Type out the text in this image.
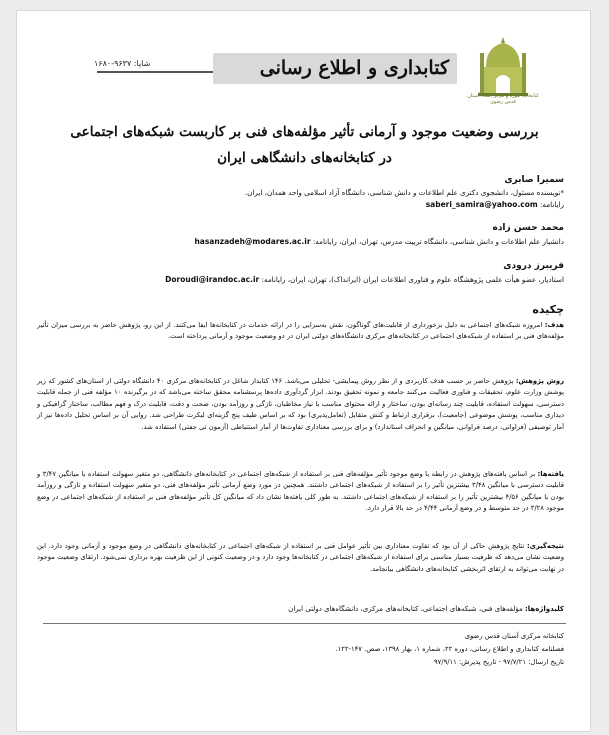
کتابخانه، موزه و مرکز اسناد آستان قدس رضوی
کتابداری و اطلاع رسانی
شاپا: ۹۶۳۷-۱۶۸۰
بررسی وضعیت موجود و آرمانی تأثیر مؤلفه‌های فنی بر کاربست شبکه‌های اجتماعی
در کتابخانه‌های دانشگاهی ایران
سمیرا صابری
*نویسنده مسئول، دانشجوی دکتری علم اطلاعات و دانش شناسی، دانشگاه آزاد اسلامی واحد همدان، ایران.
رایانامه: saberi_samira@yahoo.com
محمد حسن زاده
دانشیار علم اطلاعات و دانش شناسی، دانشگاه تربیت مدرس، تهران، ایران، رایانامه: hasanzadeh@modares.ac.ir
فریبرز درودی
استادیار، عضو هیأت علمی پژوهشگاه علوم و فناوری اطلاعات ایران (ایرانداک)، تهران، ایران، رایانامه: Doroudi@irandoc.ac.ir
چکیده
هدف: امروزه شبکه‌های اجتماعی به دلیل برخورداری از قابلیت‌های گوناگون، نقش به‌سزایی را در ارائه خدمات در کتابخانه‌ها ایفا می‌کنند. از این رو، پژوهش حاضر به بررسی میزان تأثیر مؤلفه‌های فنی بر استفاده از شبکه‌های اجتماعی در کتابخانه‌های مرکزی دانشگاه‌های دولتی ایران در دو وضعیت موجود و آرمانی پرداخته است.
روش پژوهش: پژوهش حاضر بر حسب هدف کاربردی و از نظر روش پیمایشی- تحلیلی می‌باشد. ۱۴۶ کتابدار شاغل در کتابخانه‌های مرکزی ۴۰ دانشگاه دولتی از استان‌های کشور که زیر پوشش وزارت علوم، تحقیقات و فناوری فعالیت می‌کنند جامعه و نمونه تحقیق بودند. ابزار گردآوری داده‌ها پرسشنامه محقق ساخته می‌باشد که در برگیرنده ۱۰ مؤلفه فنی از جمله قابلیت دسترسی، سهولت استفاده، قابلیت چند رسانه‌ای بودن، ساختار و ارائه محتوای مناسب با نیاز مخاطبان، تازگی و روزآمد بودن، صحت و دقت، قابلیت درک و فهم مطالب، ساختار گرافیکی و دیداری مناسب، پوشش موضوعی (جامعیت)، برقراری ارتباط و کنش متقابل (تعامل‌پذیری) بود که بر اساس طیف پنج گزینه‌ای لیکرت طراحی شد. روایی آن بر اساس تحلیل داده‌ها نیز از آمار توصیفی (فراوانی، درصد فراوانی، میانگین و انحراف استاندارد) و برای بررسی معناداری تفاوت‌ها از آمار استنباطی (آزمون تی جفتی) استفاده شد.
یافته‌ها: بر اساس یافته‌های پژوهش در رابطه با وضع موجود تأثیر مؤلفه‌های فنی بر استفاده از شبکه‌های اجتماعی در کتابخانه‌های دانشگاهی، دو متغیر سهولت استفاده با میانگین ۳/۴۷ و قابلیت دسترسی با میانگین ۳/۴۸ بیشترین تأثیر را بر استفاده از شبکه‌های اجتماعی داشتند. همچنین در مورد وضع آرمانی تأثیر مؤلفه‌های فنی، دو متغیر سهولت استفاده و تازگی و روزآمد بودن با میانگین ۴/۵۶ بیشترین تأثیر را بر استفاده از شبکه‌های اجتماعی داشتند. به طور کلی یافته‌ها نشان داد که میانگین کل تأثیر مؤلفه‌های فنی بر استفاده از شبکه‌های اجتماعی در وضع موجود ۳/۲۸ در حد متوسط و در وضع آرمانی ۴/۴۴ در حد بالا قرار دارد.
نتیجه‌گیری: نتایج پژوهش حاکی از آن بود که تفاوت معناداری بین تأثیر عوامل فنی بر استفاده از شبکه‌های اجتماعی در کتابخانه‌های دانشگاهی در وضع موجود و آرمانی وجود دارد. این وضعیت نشان می‌دهد که ظرفیت بسیار مناسبی برای استفاده از شبکه‌های اجتماعی در کتابخانه‌ها وجود دارد و در وضعیت کنونی از این ظرفیت بهره برداری نمی‌شود. ارتقای وضعیت موجود در نهایت می‌تواند به ارتقای اثربخشی کتابخانه‌های دانشگاهی بیانجامد.
کلیدواژه‌ها: مؤلفه‌های فنی، شبکه‌های اجتماعی، کتابخانه‌های مرکزی، دانشگاه‌های دولتی ایران
کتابخانه مرکزی آستان قدس رضوی
فصلنامه کتابداری و اطلاع رسانی، دوره ۲۲، شماره ۱، بهار ۱۳۹۸، صص. ۱۴۷-۱۲۲.
تاریخ ارسال: ۹۷/۷/۲۱ - تاریخ پذیرش: ۹۷/۹/۱۱
